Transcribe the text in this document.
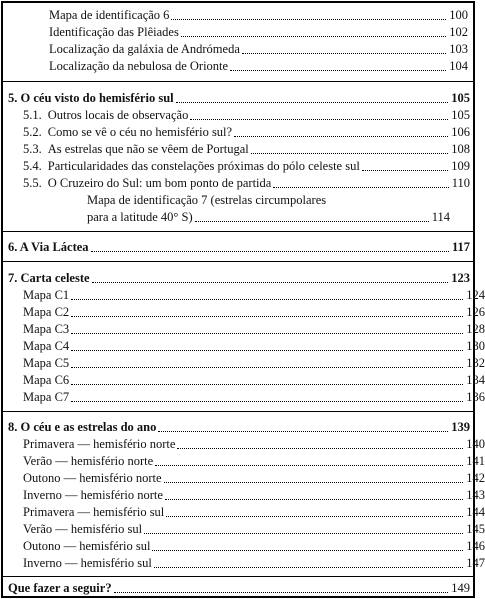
Mapa de identificação 6	100
Identificação das Plêiades	102
Localização da galáxia de Andrómeda	103
Localização da nebulosa de Orionte	104
5. O céu visto do hemisfério sul	105
5.1. Outros locais de observação	105
5.2. Como se vê o céu no hemisfério sul?	106
5.3. As estrelas que não se vêem de Portugal	108
5.4. Particularidades das constelações próximas do pólo celeste sul	109
5.5. O Cruzeiro do Sul: um bom ponto de partida	110
Mapa de identificação 7 (estrelas circumpolares
para a latitude 40° S)	114
6. A Via Láctea	117
7. Carta celeste	123
Mapa C1	124
Mapa C2	126
Mapa C3	128
Mapa C4	130
Mapa C5	132
Mapa C6	134
Mapa C7	136
8. O céu e as estrelas do ano	139
Primavera — hemisfério norte	140
Verão — hemisfério norte	141
Outono — hemisfério norte	142
Inverno — hemisfério norte	143
Primavera — hemisfério sul	144
Verão — hemisfério sul	145
Outono — hemisfério sul	146
Inverno — hemisfério sul	147
Que fazer a seguir?	149
